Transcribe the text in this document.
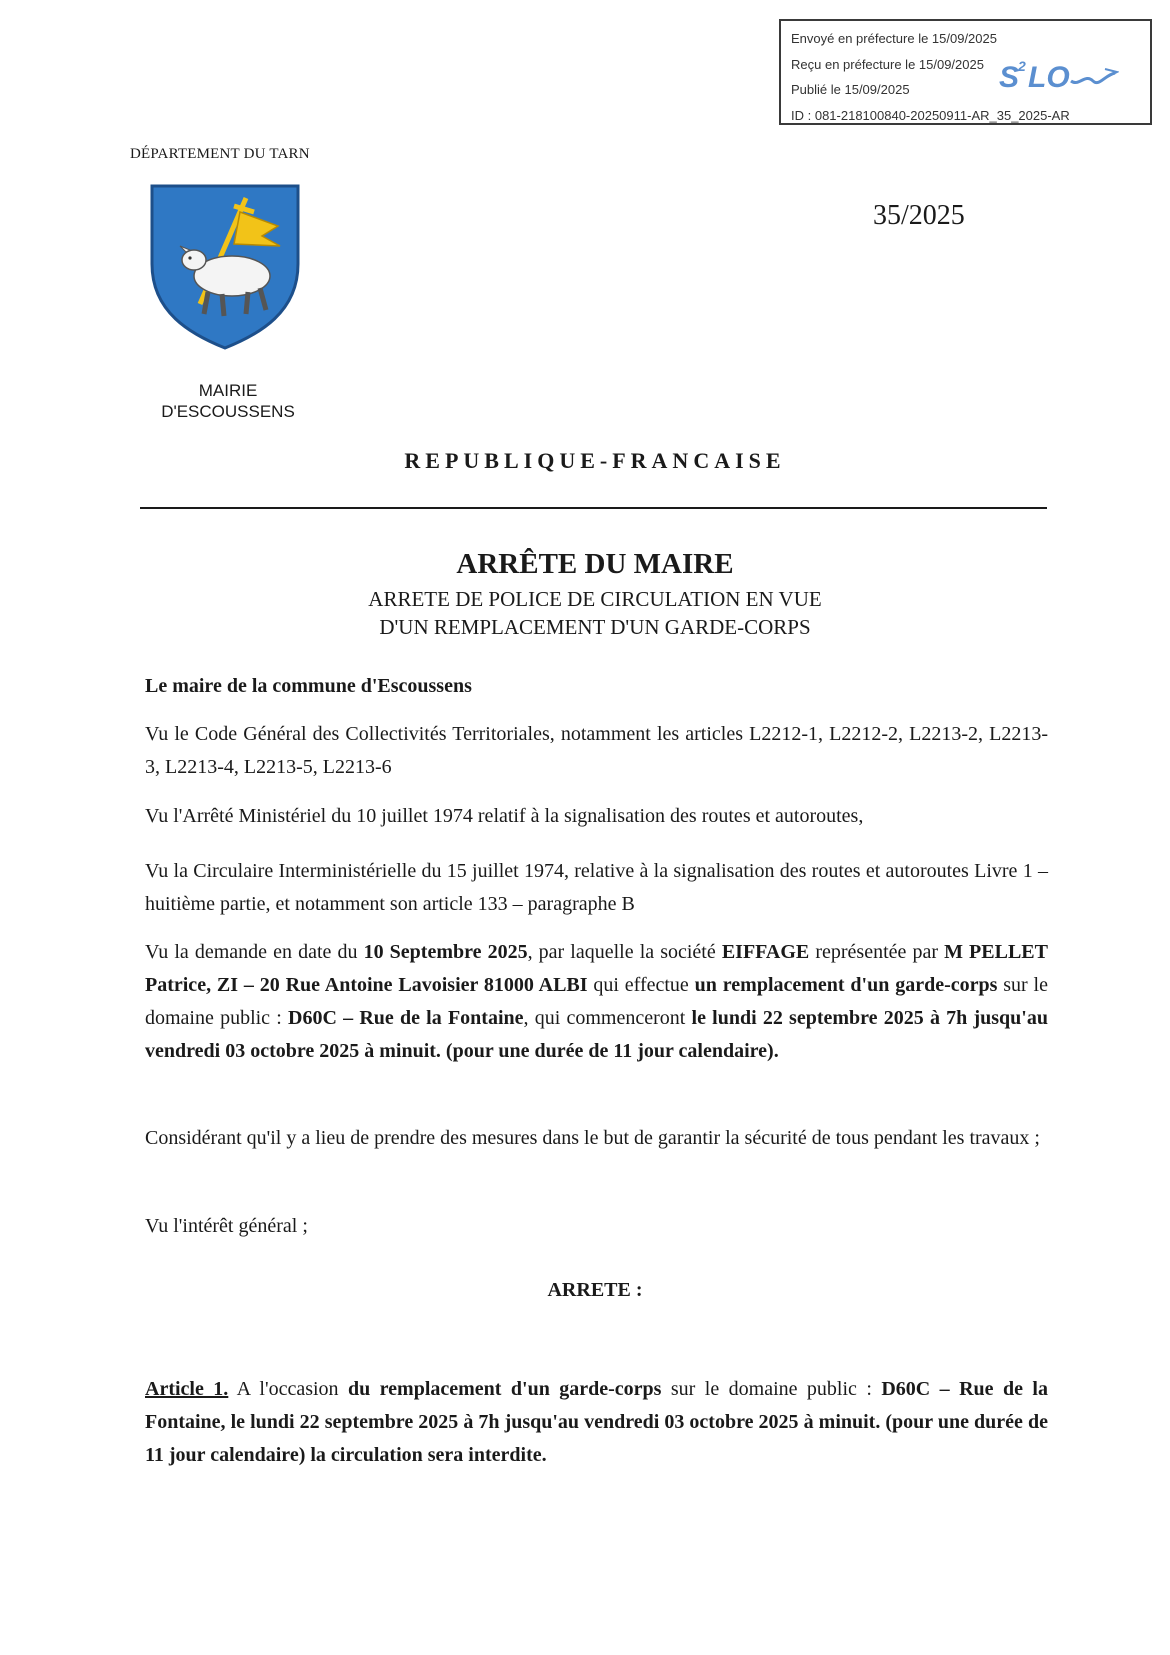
Envoyé en préfecture le 15/09/2025
Reçu en préfecture le 15/09/2025
Publié le 15/09/2025
ID : 081-218100840-20250911-AR_35_2025-AR
S
2 LO
DÉPARTEMENT DU TARN
35/2025
MAIRIE
D'ESCOUSSENS
REPUBLIQUE-FRANCAISE
ARRÊTE DU MAIRE
ARRETE DE POLICE DE CIRCULATION EN VUE
D'UN REMPLACEMENT D'UN GARDE-CORPS

Le maire de la commune d'Escoussens

Vu le Code Général des Collectivités Territoriales, notamment les articles L2212-1, L2212-2, L2213-2, L2213-3, L2213-4, L2213-5, L2213-6

Vu l'Arrêté Ministériel du 10 juillet 1974 relatif à la signalisation des routes et autoroutes,

Vu la Circulaire Interministérielle du 15 juillet 1974, relative à la signalisation des routes et autoroutes Livre 1 – huitième partie, et notamment son article 133 – paragraphe B

Vu la demande en date du 10 Septembre 2025, par laquelle la société EIFFAGE représentée par M PELLET Patrice, ZI – 20 Rue Antoine Lavoisier 81000 ALBI qui effectue un remplacement d'un garde-corps sur le domaine public : D60C – Rue de la Fontaine, qui commenceront le lundi 22 septembre 2025 à 7h jusqu'au vendredi 03 octobre 2025 à minuit. (pour une durée de 11 jour calendaire).

Considérant qu'il y a lieu de prendre des mesures dans le but de garantir la sécurité de tous pendant les travaux ;

Vu l'intérêt général ;

ARRETE :

Article 1. A l'occasion du remplacement d'un garde-corps sur le domaine public : D60C – Rue de la Fontaine, le lundi 22 septembre 2025 à 7h jusqu'au vendredi 03 octobre 2025 à minuit. (pour une durée de 11 jour calendaire) la circulation sera interdite.
